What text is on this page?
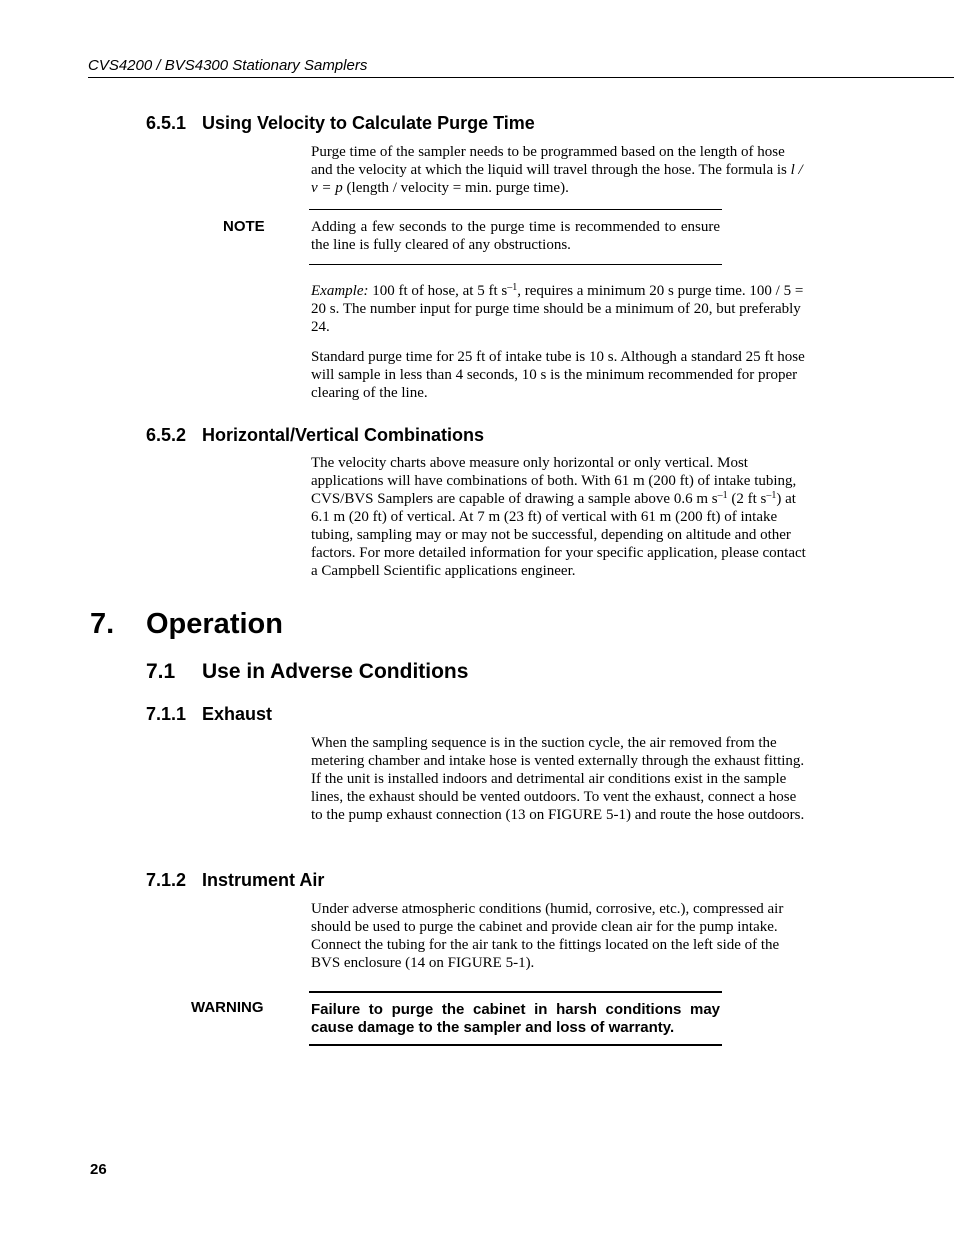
CVS4200 / BVS4300 Stationary Samplers
6.5.1 Using Velocity to Calculate Purge Time
Purge time of the sampler needs to be programmed based on the length of hose and the velocity at which the liquid will travel through the hose. The formula is l / v = p (length / velocity = min. purge time).
NOTE	Adding a few seconds to the purge time is recommended to ensure the line is fully cleared of any obstructions.
Example: 100 ft of hose, at 5 ft $s^{-1}$, requires a minimum 20 s purge time. 100 / 5 = 20 s. The number input for purge time should be a minimum of 20, but preferably 24.
Standard purge time for 25 ft of intake tube is 10 s. Although a standard 25 ft hose will sample in less than 4 seconds, 10 s is the minimum recommended for proper clearing of the line.
6.5.2 Horizontal/Vertical Combinations
The velocity charts above measure only horizontal or only vertical. Most applications will have combinations of both. With 61 m (200 ft) of intake tubing, CVS/BVS Samplers are capable of drawing a sample above 0.6 m $s^{-1}$ (2 ft $s^{-1}$) at 6.1 m (20 ft) of vertical. At 7 m (23 ft) of vertical with 61 m (200 ft) of intake tubing, sampling may or may not be successful, depending on altitude and other factors. For more detailed information for your specific application, please contact a Campbell Scientific applications engineer.
7. Operation
7.1 Use in Adverse Conditions
7.1.1 Exhaust
When the sampling sequence is in the suction cycle, the air removed from the metering chamber and intake hose is vented externally through the exhaust fitting. If the unit is installed indoors and detrimental air conditions exist in the sample lines, the exhaust should be vented outdoors. To vent the exhaust, connect a hose to the pump exhaust connection (13 on FIGURE 5-1) and route the hose outdoors.
7.1.2 Instrument Air
Under adverse atmospheric conditions (humid, corrosive, etc.), compressed air should be used to purge the cabinet and provide clean air for the pump intake. Connect the tubing for the air tank to the fittings located on the left side of the BVS enclosure (14 on FIGURE 5-1).
WARNING	Failure to purge the cabinet in harsh conditions may cause damage to the sampler and loss of warranty.
26
